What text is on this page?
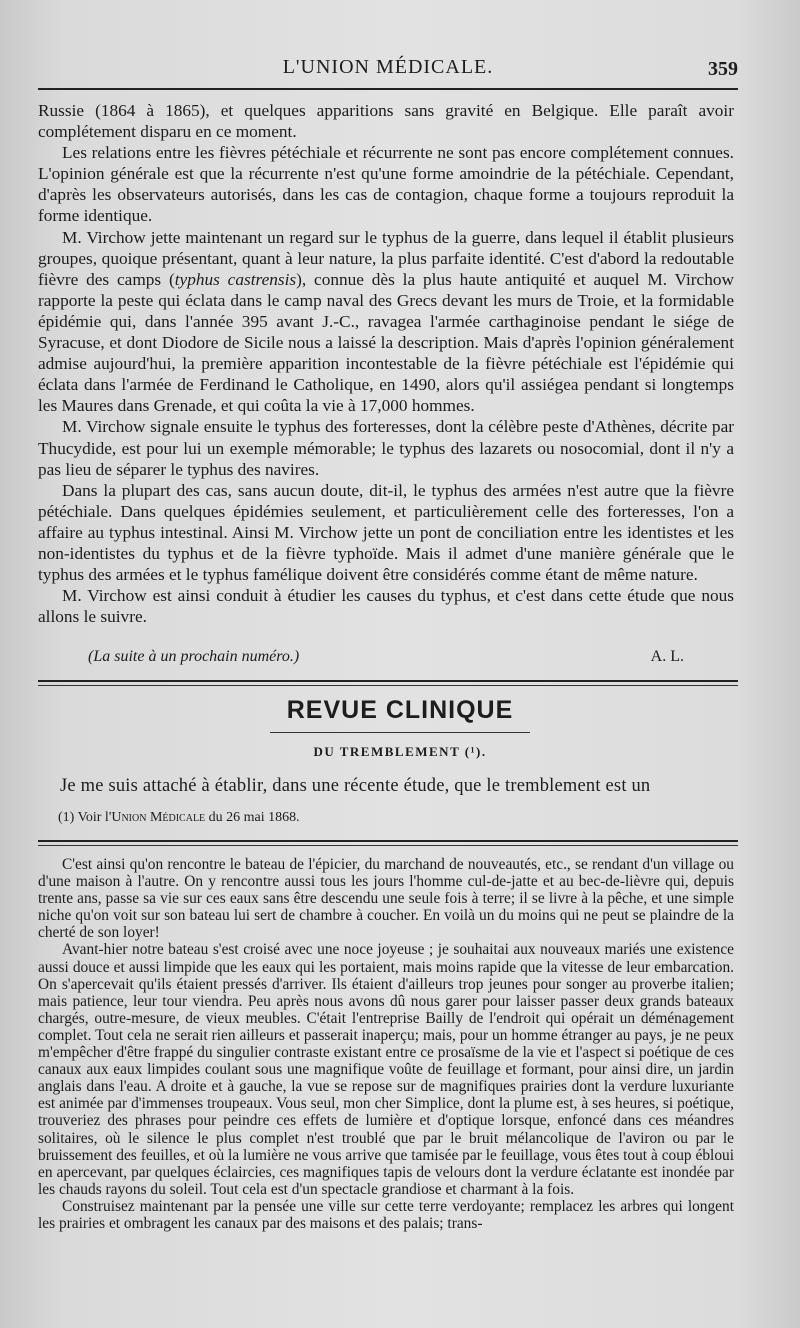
L'UNION MÉDICALE.	359

Russie (1864 à 1865), et quelques apparitions sans gravité en Belgique. Elle paraît avoir complétement disparu en ce moment.

Les relations entre les fièvres pétéchiale et récurrente ne sont pas encore complétement connues. L'opinion générale est que la récurrente n'est qu'une forme amoindrie de la pétéchiale. Cependant, d'après les observateurs autorisés, dans les cas de contagion, chaque forme a toujours reproduit la forme identique.

M. Virchow jette maintenant un regard sur le typhus de la guerre, dans lequel il établit plusieurs groupes, quoique présentant, quant à leur nature, la plus parfaite identité. C'est d'abord la redoutable fièvre des camps (typhus castrensis), connue dès la plus haute antiquité et auquel M. Virchow rapporte la peste qui éclata dans le camp naval des Grecs devant les murs de Troie, et la formidable épidémie qui, dans l'année 395 avant J.-C., ravagea l'armée carthaginoise pendant le siége de Syracuse, et dont Diodore de Sicile nous a laissé la description. Mais d'après l'opinion généralement admise aujourd'hui, la première apparition incontestable de la fièvre pétéchiale est l'épidémie qui éclata dans l'armée de Ferdinand le Catholique, en 1490, alors qu'il assiégea pendant si longtemps les Maures dans Grenade, et qui coûta la vie à 17,000 hommes.

M. Virchow signale ensuite le typhus des forteresses, dont la célèbre peste d'Athènes, décrite par Thucydide, est pour lui un exemple mémorable; le typhus des lazarets ou nosocomial, dont il n'y a pas lieu de séparer le typhus des navires.

Dans la plupart des cas, sans aucun doute, dit-il, le typhus des armées n'est autre que la fièvre pétéchiale. Dans quelques épidémies seulement, et particulièrement celle des forteresses, l'on a affaire au typhus intestinal. Ainsi M. Virchow jette un pont de conciliation entre les identistes et les non-identistes du typhus et de la fièvre typhoïde. Mais il admet d'une manière générale que le typhus des armées et le typhus famélique doivent être considérés comme étant de même nature.

M. Virchow est ainsi conduit à étudier les causes du typhus, et c'est dans cette étude que nous allons le suivre.

(La suite à un prochain numéro.)	A. L.
REVUE CLINIQUE
DU TREMBLEMENT (¹).
Je me suis attaché à établir, dans une récente étude, que le tremblement est un
(1) Voir l'Union Médicale du 26 mai 1868.

C'est ainsi qu'on rencontre le bateau de l'épicier, du marchand de nouveautés, etc., se rendant d'un village ou d'une maison à l'autre. On y rencontre aussi tous les jours l'homme cul-de-jatte et au bec-de-lièvre qui, depuis trente ans, passe sa vie sur ces eaux sans être descendu une seule fois à terre; il se livre à la pêche, et une simple niche qu'on voit sur son bateau lui sert de chambre à coucher. En voilà un du moins qui ne peut se plaindre de la cherté de son loyer!

Avant-hier notre bateau s'est croisé avec une noce joyeuse ; je souhaitai aux nouveaux mariés une existence aussi douce et aussi limpide que les eaux qui les portaient, mais moins rapide que la vitesse de leur embarcation. On s'apercevait qu'ils étaient pressés d'arriver. Ils étaient d'ailleurs trop jeunes pour songer au proverbe italien; mais patience, leur tour viendra. Peu après nous avons dû nous garer pour laisser passer deux grands bateaux chargés, outre-mesure, de vieux meubles. C'était l'entreprise Bailly de l'endroit qui opérait un déménagement complet. Tout cela ne serait rien ailleurs et passerait inaperçu; mais, pour un homme étranger au pays, je ne peux m'empêcher d'être frappé du singulier contraste existant entre ce prosaïsme de la vie et l'aspect si poétique de ces canaux aux eaux limpides coulant sous une magnifique voûte de feuillage et formant, pour ainsi dire, un jardin anglais dans l'eau. A droite et à gauche, la vue se repose sur de magnifiques prairies dont la verdure luxuriante est animée par d'immenses troupeaux. Vous seul, mon cher Simplice, dont la plume est, à ses heures, si poétique, trouveriez des phrases pour peindre ces effets de lumière et d'optique lorsque, enfoncé dans ces méandres solitaires, où le silence le plus complet n'est troublé que par le bruit mélancolique de l'aviron ou par le bruissement des feuilles, et où la lumière ne vous arrive que tamisée par le feuillage, vous êtes tout à coup ébloui en apercevant, par quelques éclaircies, ces magnifiques tapis de velours dont la verdure éclatante est inondée par les chauds rayons du soleil. Tout cela est d'un spectacle grandiose et charmant à la fois.

Construisez maintenant par la pensée une ville sur cette terre verdoyante; remplacez les arbres qui longent les prairies et ombragent les canaux par des maisons et des palais; trans-
